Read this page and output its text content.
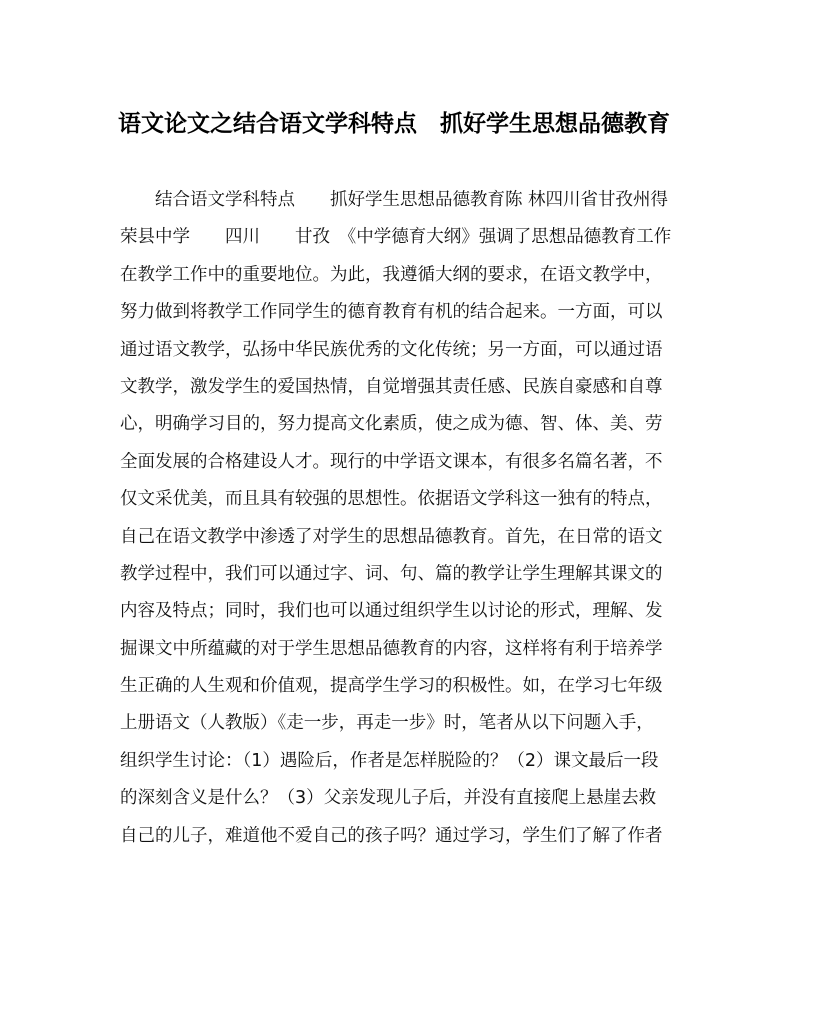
语文论文之结合语文学科特点　抓好学生思想品德教育
　　结合语文学科特点　　抓好学生思想品德教育陈 林四川省甘孜州得
荣县中学　　四川　　甘孜　《中学德育大纲》强调了思想品德教育工作
在教学工作中的重要地位。为此，我遵循大纲的要求，在语文教学中，
努力做到将教学工作同学生的德育教育有机的结合起来。一方面，可以
通过语文教学，弘扬中华民族优秀的文化传统；另一方面，可以通过语
文教学，激发学生的爱国热情，自觉增强其责任感、民族自豪感和自尊
心，明确学习目的，努力提高文化素质，使之成为德、智、体、美、劳
全面发展的合格建设人才。现行的中学语文课本，有很多名篇名著，不
仅文采优美，而且具有较强的思想性。依据语文学科这一独有的特点，
自己在语文教学中渗透了对学生的思想品德教育。首先，在日常的语文
教学过程中，我们可以通过字、词、句、篇的教学让学生理解其课文的
内容及特点；同时，我们也可以通过组织学生以讨论的形式，理解、发
掘课文中所蕴藏的对于学生思想品德教育的内容，这样将有利于培养学
生正确的人生观和价值观，提高学生学习的积极性。如，在学习七年级
上册语文（人教版）《走一步，再走一步》时，笔者从以下问题入手，
组织学生讨论：（1）遇险后，作者是怎样脱险的？（2）课文最后一段
的深刻含义是什么？（3）父亲发现儿子后，并没有直接爬上悬崖去救
自己的儿子，难道他不爱自己的孩子吗？通过学习，学生们了解了作者
